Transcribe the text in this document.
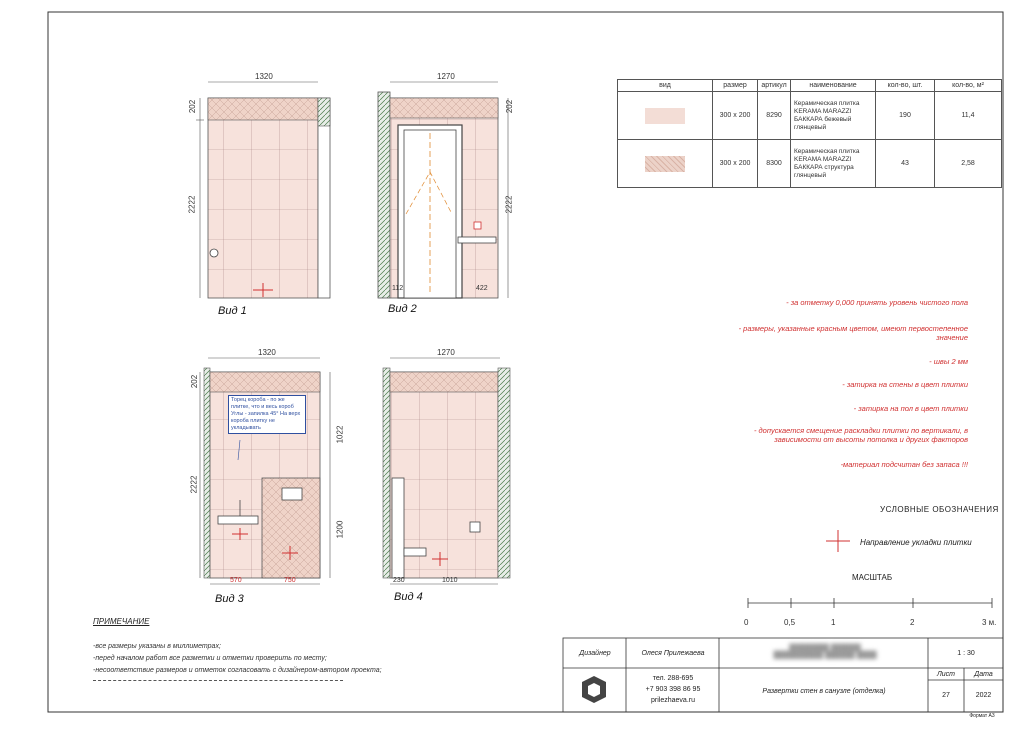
Вид 1	Вид 2
Вид 3	Вид 4
1320
202
2222
1270
202
2222
112	422
1320
202
2222
1022
1200
570	750
Торец короба - по же плитке, что и весь короб Углы - запилка 45° На верх короба плитку не укладывать
1270
230	1010
вид	размер	артикул	наименование	кол-во, шт.	кол-во, м²

	300 х 200	8290	Керамическая плитка KERAMA MARAZZI БАККАРА бежевый глянцевый	190	11,4

	300 х 200	8300	Керамическая плитка KERAMA MARAZZI БАККАРА структура глянцевый	43	2,58
- за отметку 0,000 принять уровень чистого пола
- размеры, указанные красным цветом, имеют первостепенное значение
- швы 2 мм
- затирка на стены в цвет плитки
- затирка на пол в цвет плитки
- допускается смещение раскладки плитки по вертикали, в зависимости от высоты потолка и других факторов
-материал подсчитан без запаса !!!
УСЛОВНЫЕ ОБОЗНАЧЕНИЯ
Направление укладки плитки
МАСШТАБ
0	0,5	1	2	3 м.
ПРИМЕЧАНИЕ
-все размеры указаны в миллиметрах;
-перед началом работ все разметки и отметки проверить по месту;
-несоответствие размеров и отметок согласовать с дизайнером-автором проекта;
Дизайнер	Олеся Прилежаева
тел. 288-695
+7 903 398 86 95
prilezhaeva.ru
████████ ██████
██████████ ██████ ████	1 : 30
Лист	Дата
27	2022
Развертки стен в санузле (отделка)
Формат А3
